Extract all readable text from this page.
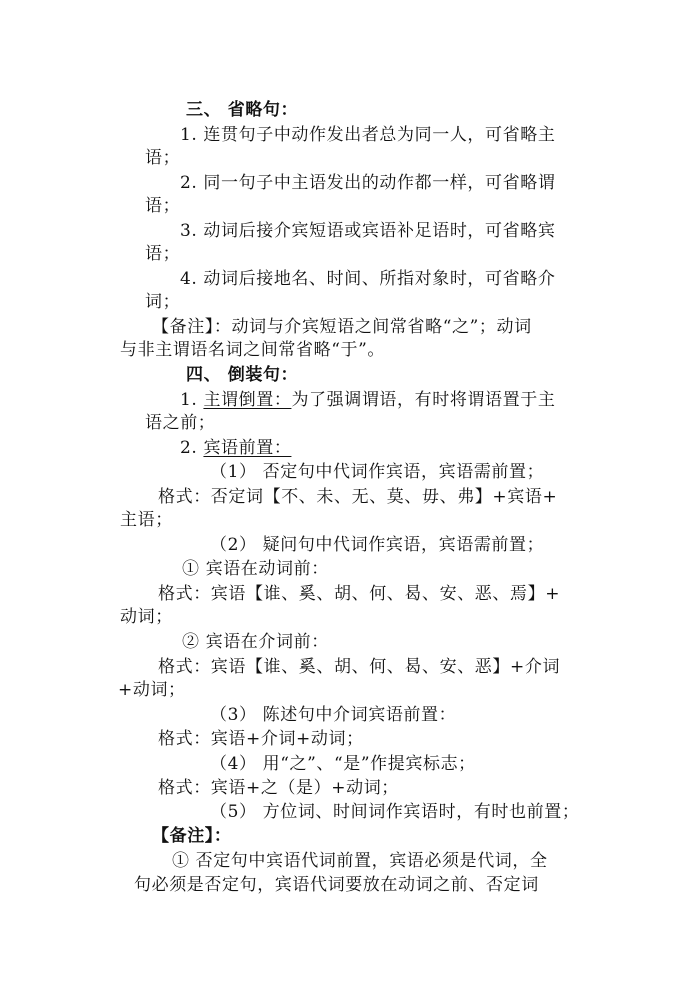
三、 省略句：
1. 连贯句子中动作发出者总为同一人，可省略主
语；
2. 同一句子中主语发出的动作都一样，可省略谓
语；
3. 动词后接介宾短语或宾语补足语时，可省略宾
语；
4. 动词后接地名、时间、所指对象时，可省略介
词；
【备注】：动词与介宾短语之间常省略“之”；动词
与非主谓语名词之间常省略“于”。
四、 倒装句：
1. 主谓倒置：为了强调谓语，有时将谓语置于主
语之前；
2. 宾语前置：
（1） 否定句中代词作宾语，宾语需前置；
格式：否定词【不、未、无、莫、毋、弗】+宾语+
主语；
（2） 疑问句中代词作宾语，宾语需前置；
① 宾语在动词前：
格式：宾语【谁、奚、胡、何、曷、安、恶、焉】+
动词；
② 宾语在介词前：
格式：宾语【谁、奚、胡、何、曷、安、恶】+介词
+动词；
（3） 陈述句中介词宾语前置：
格式：宾语+介词+动词；
（4） 用“之”、“是”作提宾标志；
格式：宾语+之（是）+动词；
（5） 方位词、时间词作宾语时，有时也前置；
【备注】：
① 否定句中宾语代词前置，宾语必须是代词，全
句必须是否定句，宾语代词要放在动词之前、否定词
